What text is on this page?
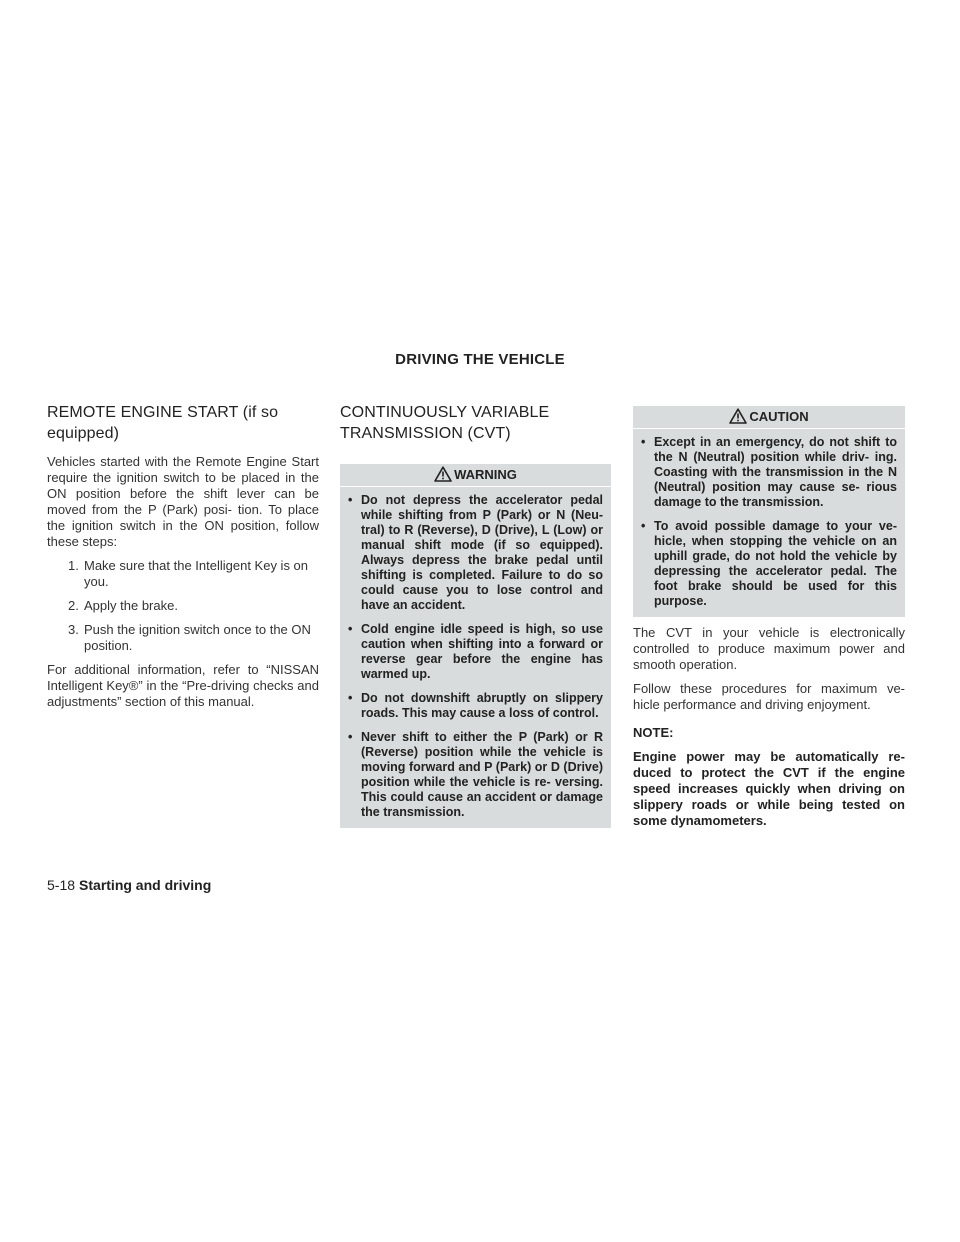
DRIVING THE VEHICLE
REMOTE ENGINE START (if so equipped)

Vehicles started with the Remote Engine Start require the ignition switch to be placed in the ON position before the shift lever can be moved from the P (Park) posi- tion. To place the ignition switch in the ON position, follow these steps:

1. Make sure that the Intelligent Key is on you.
2. Apply the brake.
3. Push the ignition switch once to the ON position.

For additional information, refer to “NISSAN Intelligent Key®” in the “Pre-driving checks and adjustments” section of this manual.

CONTINUOUSLY VARIABLE TRANSMISSION (CVT)
WARNING
• Do not depress the accelerator pedal while shifting from P (Park) or N (Neu- tral) to R (Reverse), D (Drive), L (Low) or manual shift mode (if so equipped). Always depress the brake pedal until shifting is completed. Failure to do so could cause you to lose control and have an accident.
• Cold engine idle speed is high, so use caution when shifting into a forward or reverse gear before the engine has warmed up.
• Do not downshift abruptly on slippery roads. This may cause a loss of control.
• Never shift to either the P (Park) or R (Reverse) position while the vehicle is moving forward and P (Park) or D (Drive) position while the vehicle is re- versing. This could cause an accident or damage the transmission.
CAUTION
• Except in an emergency, do not shift to the N (Neutral) position while driv- ing. Coasting with the transmission in the N (Neutral) position may cause se- rious damage to the transmission.
• To avoid possible damage to your ve- hicle, when stopping the vehicle on an uphill grade, do not hold the vehicle by depressing the accelerator pedal. The foot brake should be used for this purpose.

The CVT in your vehicle is electronically controlled to produce maximum power and smooth operation.

Follow these procedures for maximum ve- hicle performance and driving enjoyment.

NOTE:

Engine power may be automatically re- duced to protect the CVT if the engine speed increases quickly when driving on slippery roads or while being tested on some dynamometers.

5-18 Starting and driving
